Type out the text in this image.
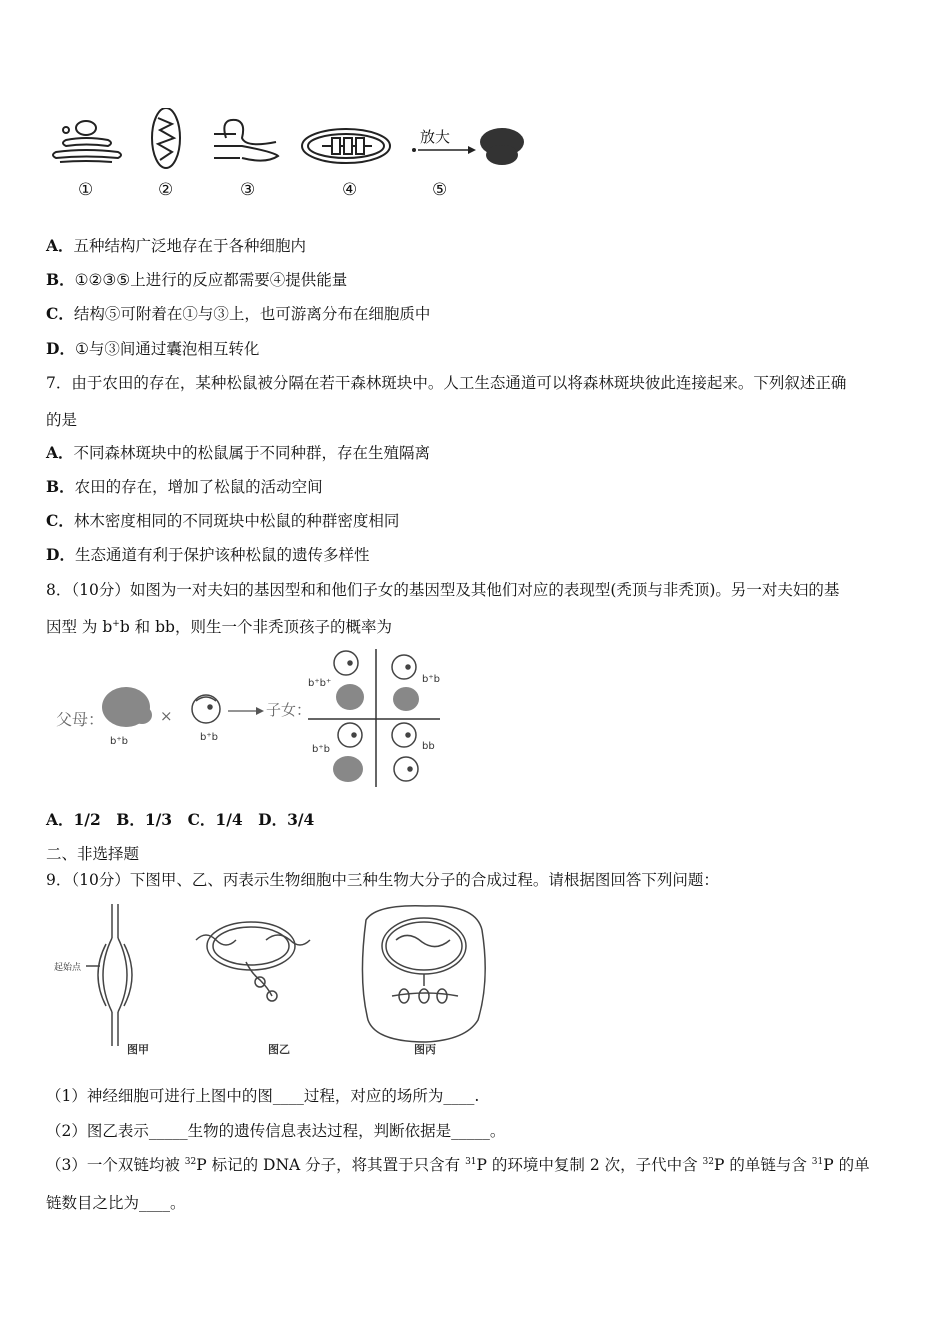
放大
①	②	③	④	⑤
A．五种结构广泛地存在于各种细胞内
B．①②③⑤上进行的反应都需要④提供能量
C．结构⑤可附着在①与③上，也可游离分布在细胞质中
D．①与③间通过囊泡相互转化
7．由于农田的存在，某种松鼠被分隔在若干森林斑块中。人工生态通道可以将森林斑块彼此连接起来。下列叙述正确
的是
A．不同森林斑块中的松鼠属于不同种群，存在生殖隔离
B．农田的存在，增加了松鼠的活动空间
C．林木密度相同的不同斑块中松鼠的种群密度相同
D．生态通道有利于保护该种松鼠的遗传多样性
8．（10分）如图为一对夫妇的基因型和和他们子女的基因型及其他们对应的表现型(秃顶与非秃顶)。另一对夫妇的基
因型 为 b+b 和 bb，则生一个非秃顶孩子的概率为
父母：	×
b⁺b	b⁺b
子女：
b⁺b⁺	b⁺b
b⁺b	bb
A．1/2　B．1/3　C．1/4　D．3/4
二、非选择题
9．（10分）下图甲、乙、丙表示生物细胞中三种生物大分子的合成过程。请根据图回答下列问题：
起始点
图甲	图乙	图丙
（1）神经细胞可进行上图中的图____过程，对应的场所为____.
（2）图乙表示_____生物的遗传信息表达过程，判断依据是_____。
（3）一个双链均被 $^{32}$P 标记的 DNA 分子，将其置于只含有 $^{31}$P 的环境中复制 2 次，子代中含 $^{32}$P 的单链与含 $^{31}$P 的单
链数目之比为____。
